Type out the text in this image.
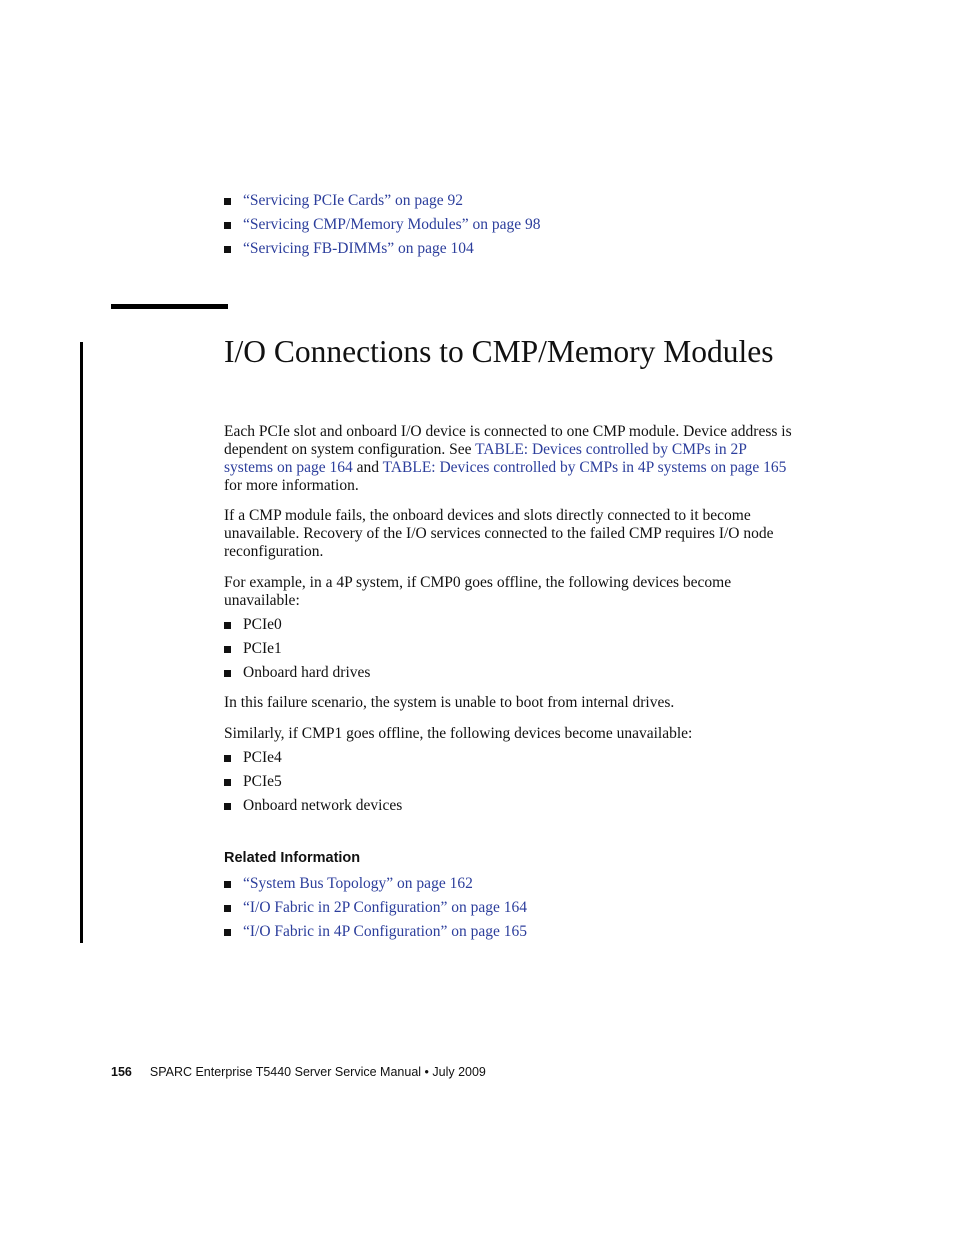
“Servicing PCIe Cards” on page 92
“Servicing CMP/Memory Modules” on page 98
“Servicing FB-DIMMs” on page 104
I/O Connections to CMP/Memory Modules

Each PCIe slot and onboard I/O device is connected to one CMP module. Device address is dependent on system configuration. See TABLE: Devices controlled by CMPs in 2P systems on page 164 and TABLE: Devices controlled by CMPs in 4P systems on page 165 for more information.

If a CMP module fails, the onboard devices and slots directly connected to it become unavailable. Recovery of the I/O services connected to the failed CMP requires I/O node reconfiguration.

For example, in a 4P system, if CMP0 goes offline, the following devices become unavailable:

PCIe0
PCIe1
Onboard hard drives

In this failure scenario, the system is unable to boot from internal drives.

Similarly, if CMP1 goes offline, the following devices become unavailable:

PCIe4
PCIe5
Onboard network devices
Related Information
“System Bus Topology” on page 162
“I/O Fabric in 2P Configuration” on page 164
“I/O Fabric in 4P Configuration” on page 165
156 SPARC Enterprise T5440 Server Service Manual • July 2009
